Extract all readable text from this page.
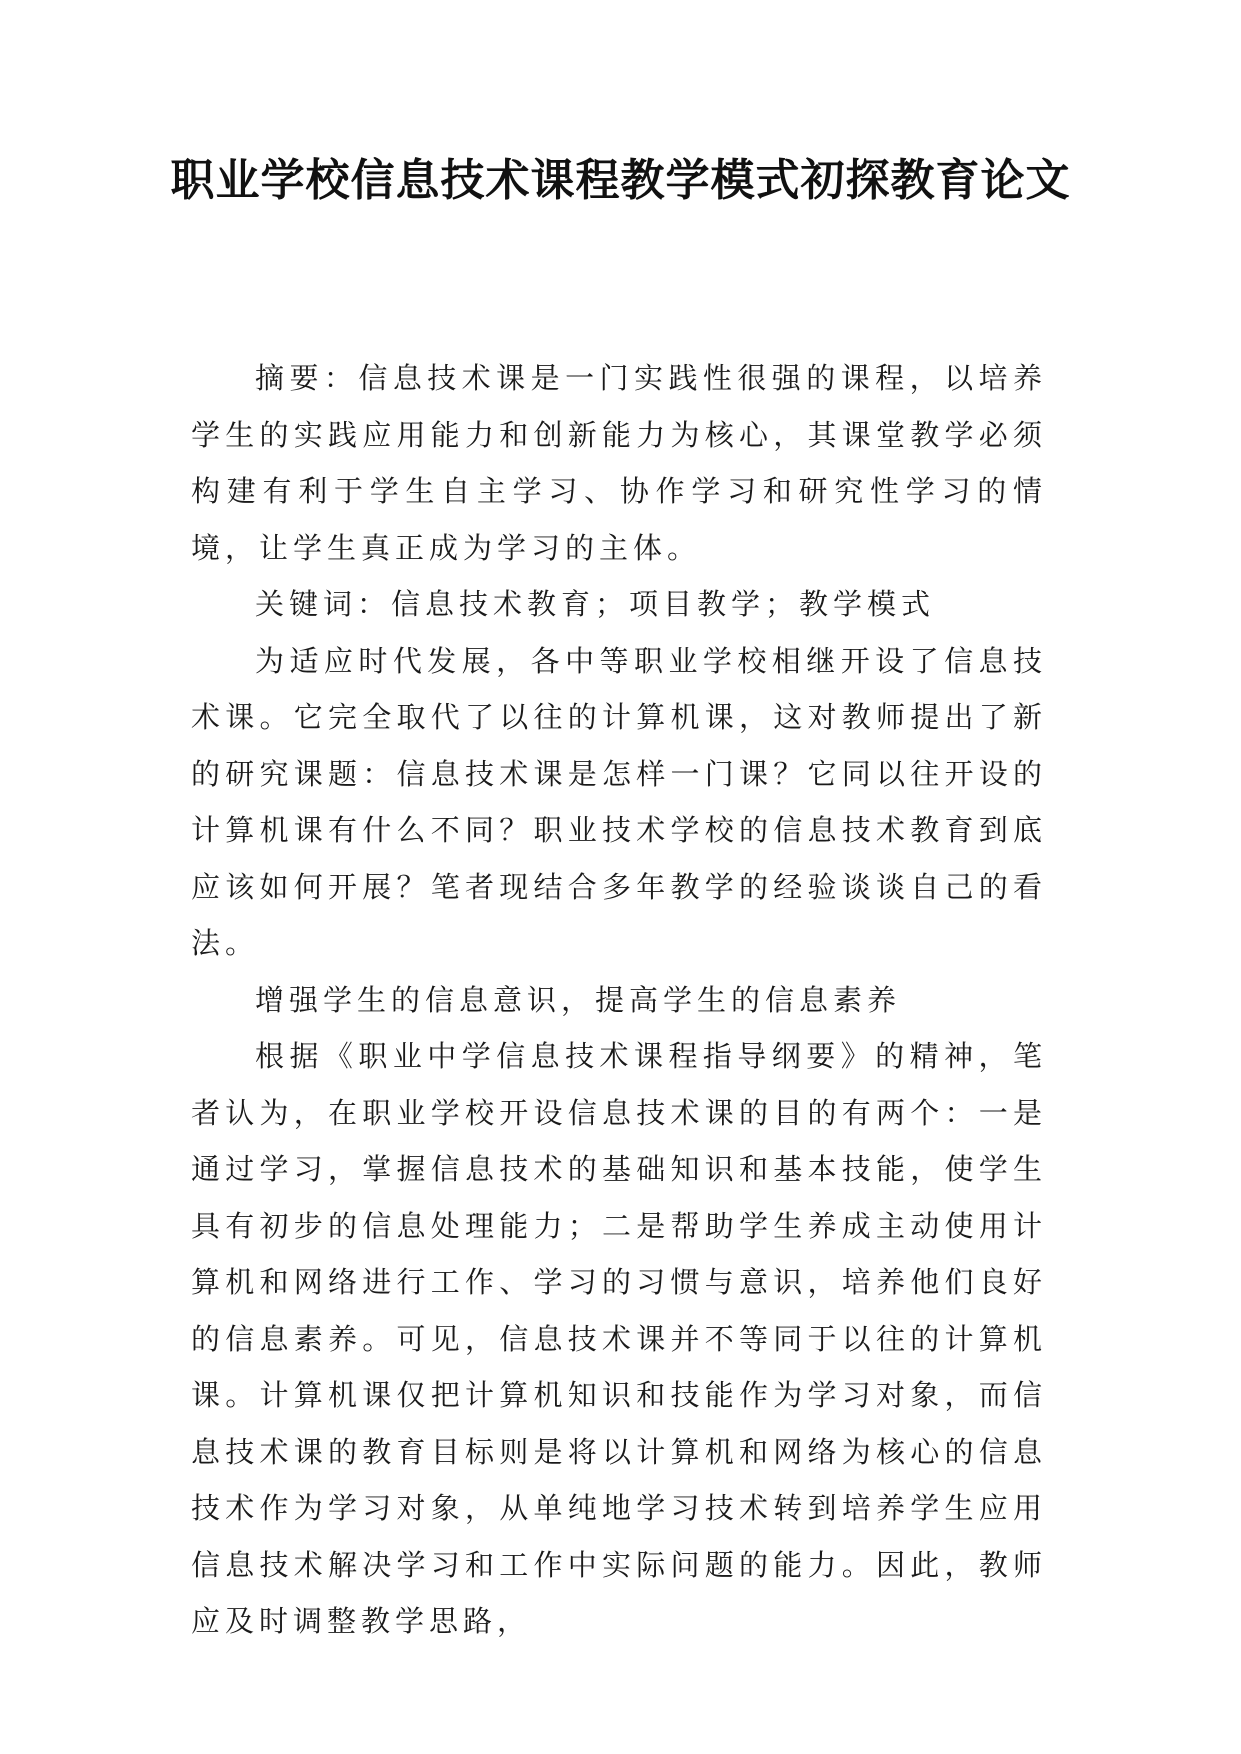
职业学校信息技术课程教学模式初探教育论文

摘要：信息技术课是一门实践性很强的课程，以培养学生的实践应用能力和创新能力为核心，其课堂教学必须构建有利于学生自主学习、协作学习和研究性学习的情境，让学生真正成为学习的主体。

关键词：信息技术教育；项目教学；教学模式

为适应时代发展，各中等职业学校相继开设了信息技术课。它完全取代了以往的计算机课，这对教师提出了新的研究课题：信息技术课是怎样一门课？它同以往开设的计算机课有什么不同？职业技术学校的信息技术教育到底应该如何开展？笔者现结合多年教学的经验谈谈自己的看法。

增强学生的信息意识，提高学生的信息素养

根据《职业中学信息技术课程指导纲要》的精神，笔者认为，在职业学校开设信息技术课的目的有两个：一是通过学习，掌握信息技术的基础知识和基本技能，使学生具有初步的信息处理能力；二是帮助学生养成主动使用计算机和网络进行工作、学习的习惯与意识，培养他们良好的信息素养。可见，信息技术课并不等同于以往的计算机课。计算机课仅把计算机知识和技能作为学习对象，而信息技术课的教育目标则是将以计算机和网络为核心的信息技术作为学习对象，从单纯地学习技术转到培养学生应用信息技术解决学习和工作中实际问题的能力。因此，教师应及时调整教学思路，
